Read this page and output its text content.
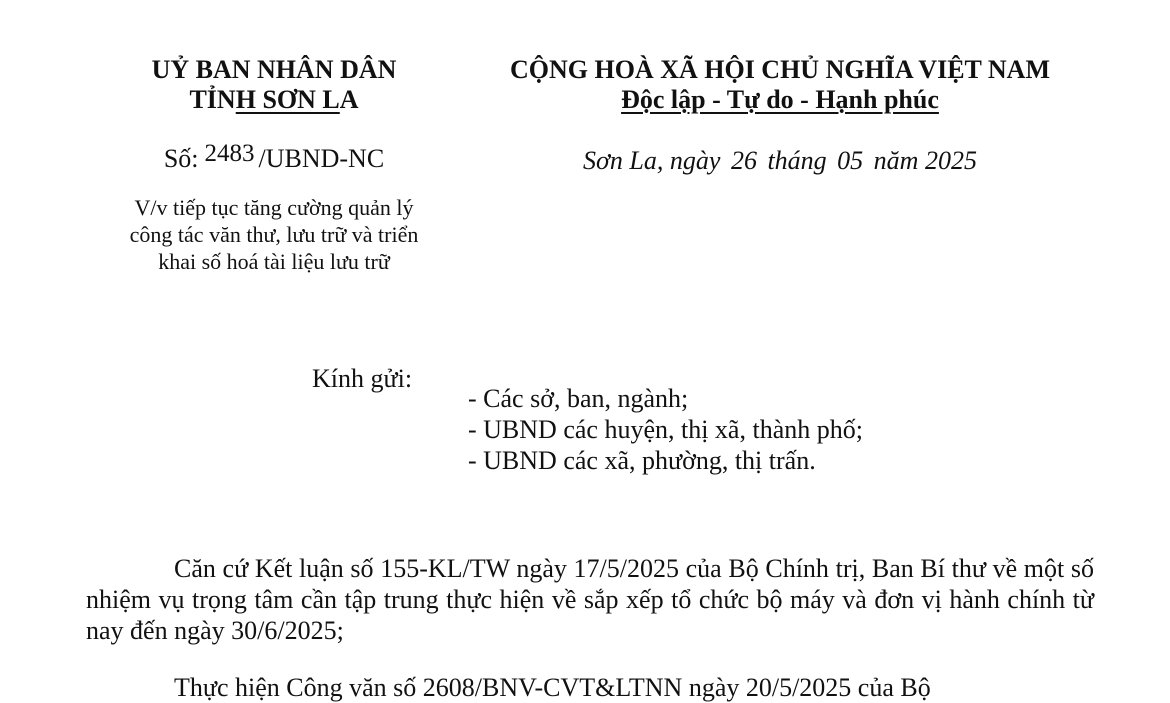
UỶ BAN NHÂN DÂN
TỈNH SƠN LA
CỘNG HOÀ XÃ HỘI CHỦ NGHĨA VIỆT NAM
Độc lập - Tự do - Hạnh phúc
Số: 2483 /UBND-NC	Sơn La, ngày 26 tháng 05 năm 2025
V/v tiếp tục tăng cường quản lý
công tác văn thư, lưu trữ và triển
khai số hoá tài liệu lưu trữ
Kính gửi:
- Các sở, ban, ngành;
- UBND các huyện, thị xã, thành phố;
- UBND các xã, phường, thị trấn.

Căn cứ Kết luận số 155-KL/TW ngày 17/5/2025 của Bộ Chính trị, Ban Bí thư về một số nhiệm vụ trọng tâm cần tập trung thực hiện về sắp xếp tổ chức bộ máy và đơn vị hành chính từ nay đến ngày 30/6/2025;

Thực hiện Công văn số 2608/BNV-CVT&LTNN ngày 20/5/2025 của Bộ
